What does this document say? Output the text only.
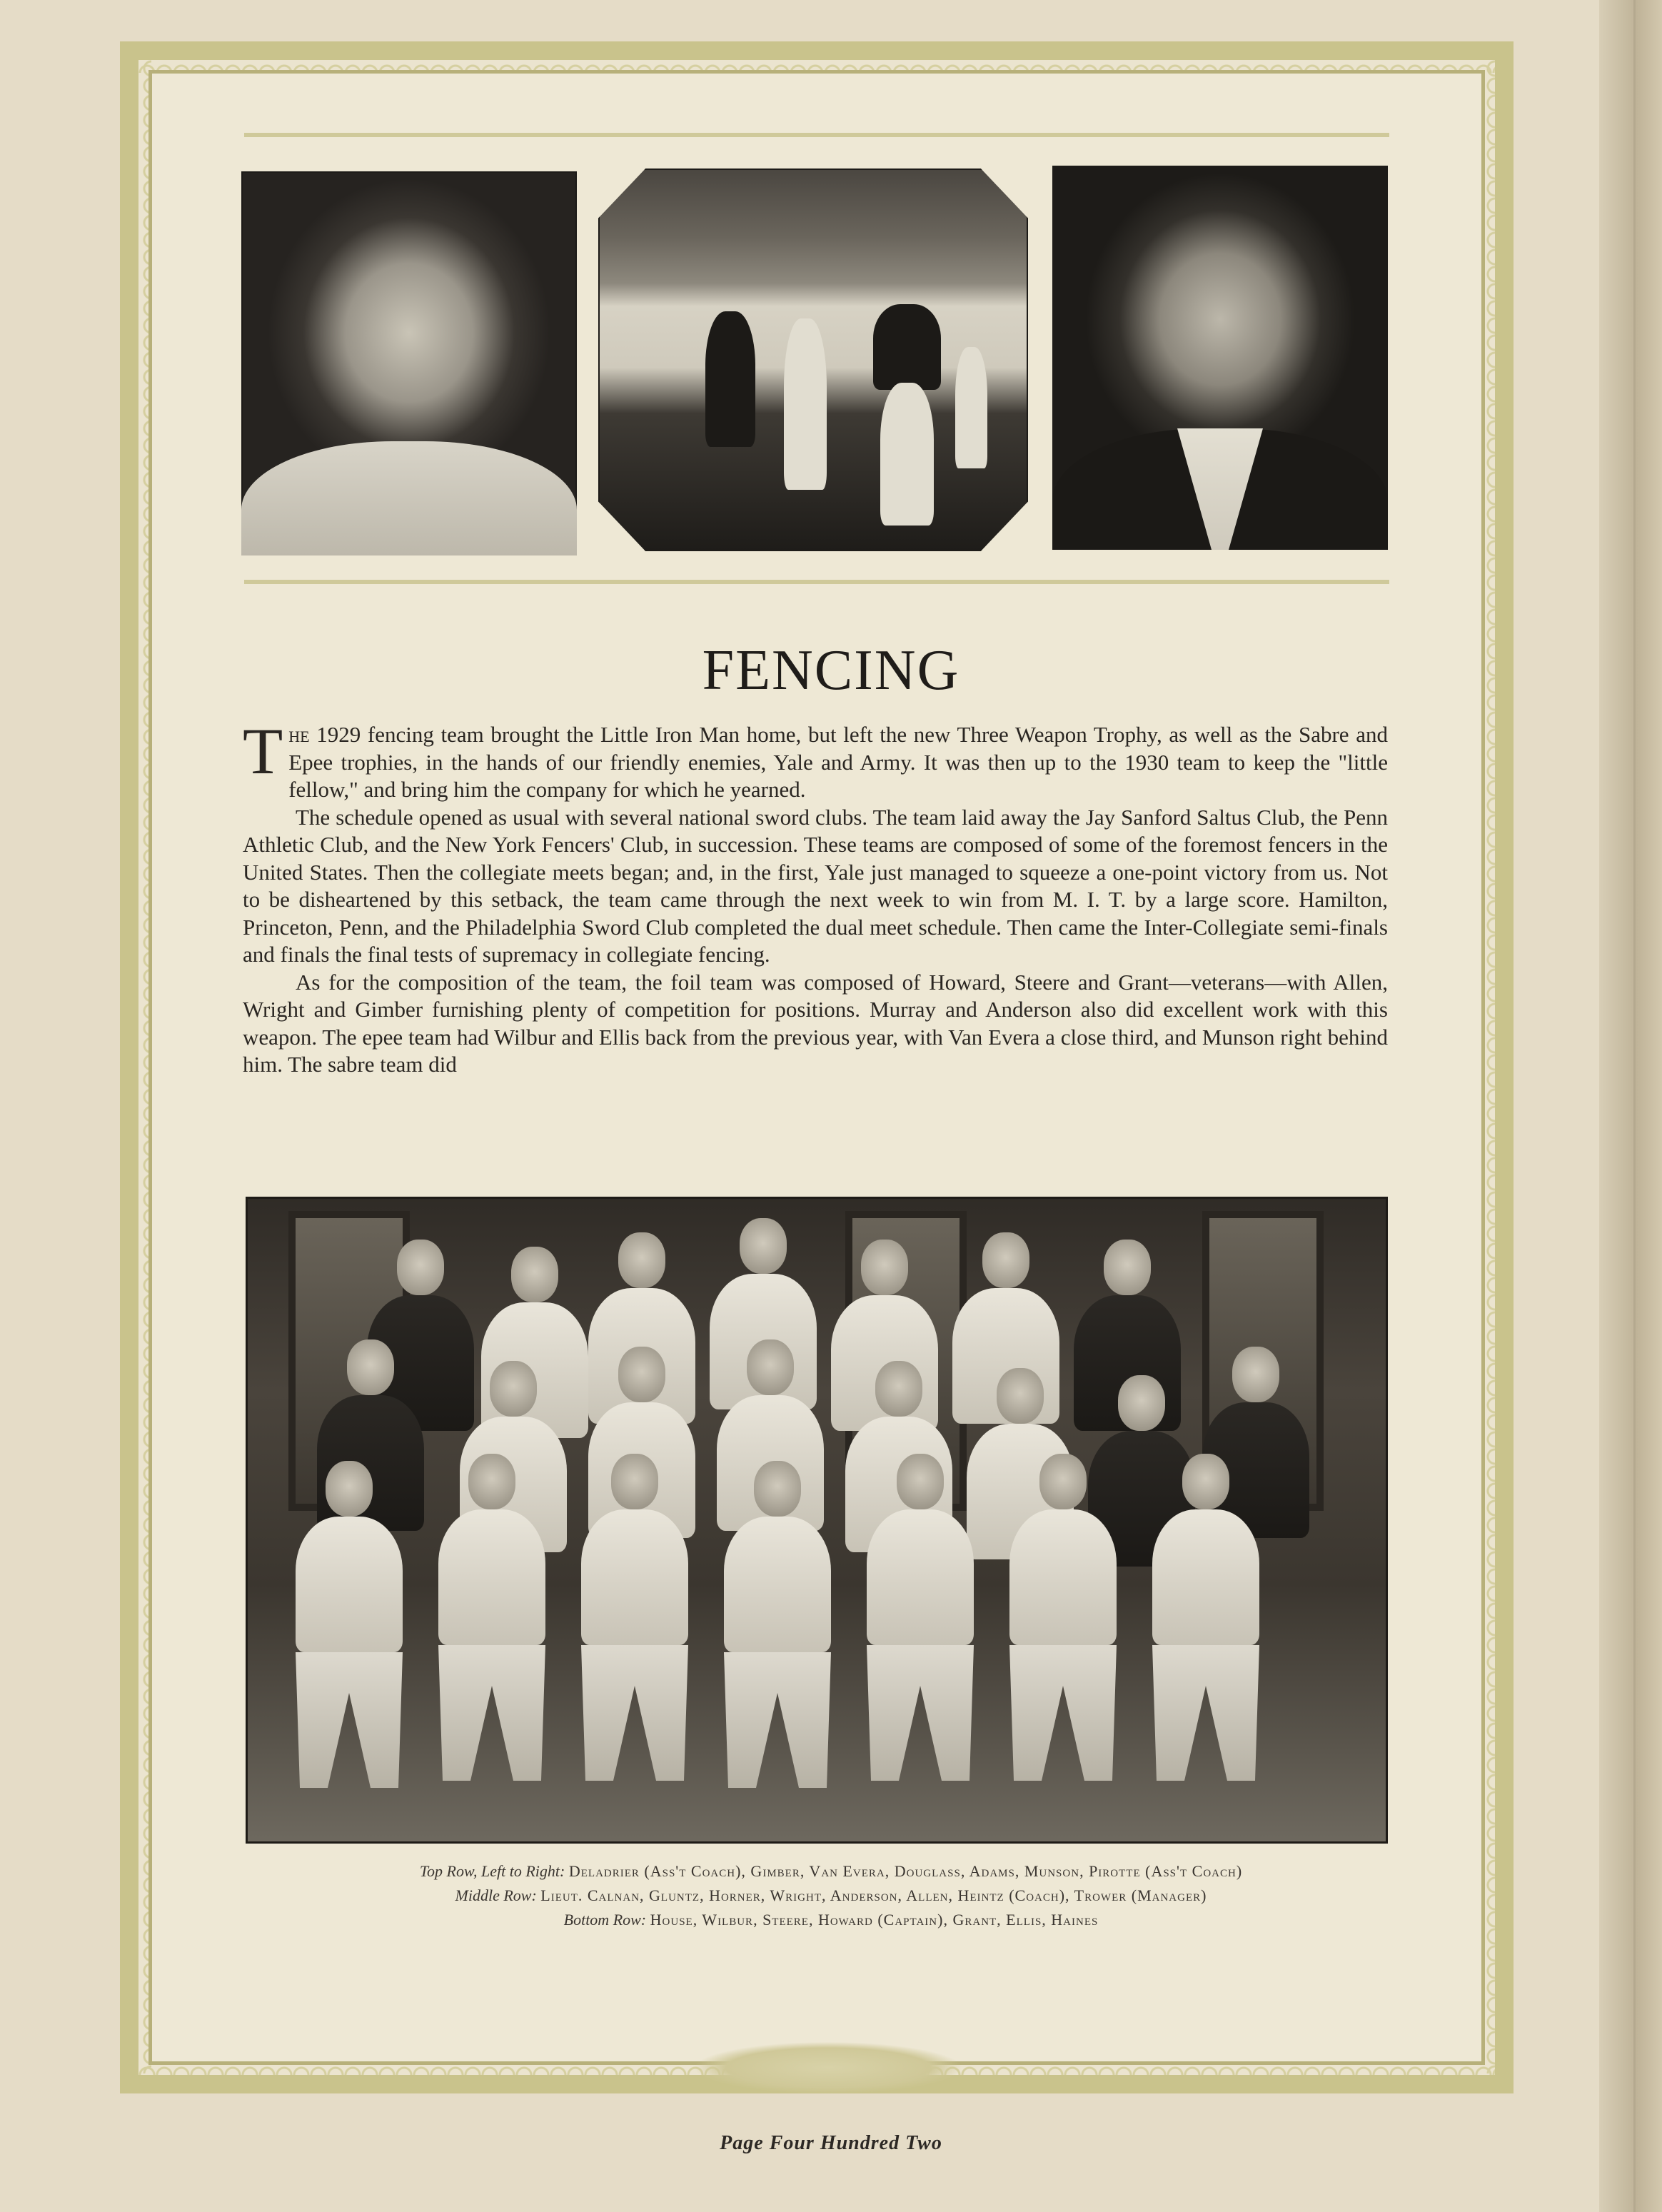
FENCING

The 1929 fencing team brought the Little Iron Man home, but left the new Three Weapon Trophy, as well as the Sabre and Epee trophies, in the hands of our friendly enemies, Yale and Army. It was then up to the 1930 team to keep the "little fellow," and bring him the company for which he yearned.

The schedule opened as usual with several national sword clubs. The team laid away the Jay Sanford Saltus Club, the Penn Athletic Club, and the New York Fencers' Club, in succession. These teams are composed of some of the foremost fencers in the United States. Then the collegiate meets began; and, in the first, Yale just managed to squeeze a one-point victory from us. Not to be disheartened by this setback, the team came through the next week to win from M. I. T. by a large score. Hamilton, Princeton, Penn, and the Philadelphia Sword Club completed the dual meet schedule. Then came the Inter-Collegiate semi-finals and finals the final tests of supremacy in collegiate fencing.

As for the composition of the team, the foil team was composed of Howard, Steere and Grant—veterans—with Allen, Wright and Gimber furnishing plenty of competition for positions. Murray and Anderson also did excellent work with this weapon. The epee team had Wilbur and Ellis back from the previous year, with Van Evera a close third, and Munson right behind him. The sabre team did

Top Row, Left to Right: Deladrier (Ass't Coach), Gimber, Van Evera, Douglass, Adams, Munson, Pirotte (Ass't Coach)
Middle Row: Lieut. Calnan, Gluntz, Horner, Wright, Anderson, Allen, Heintz (Coach), Trower (Manager)
Bottom Row: House, Wilbur, Steere, Howard (Captain), Grant, Ellis, Haines
Page Four Hundred Two
